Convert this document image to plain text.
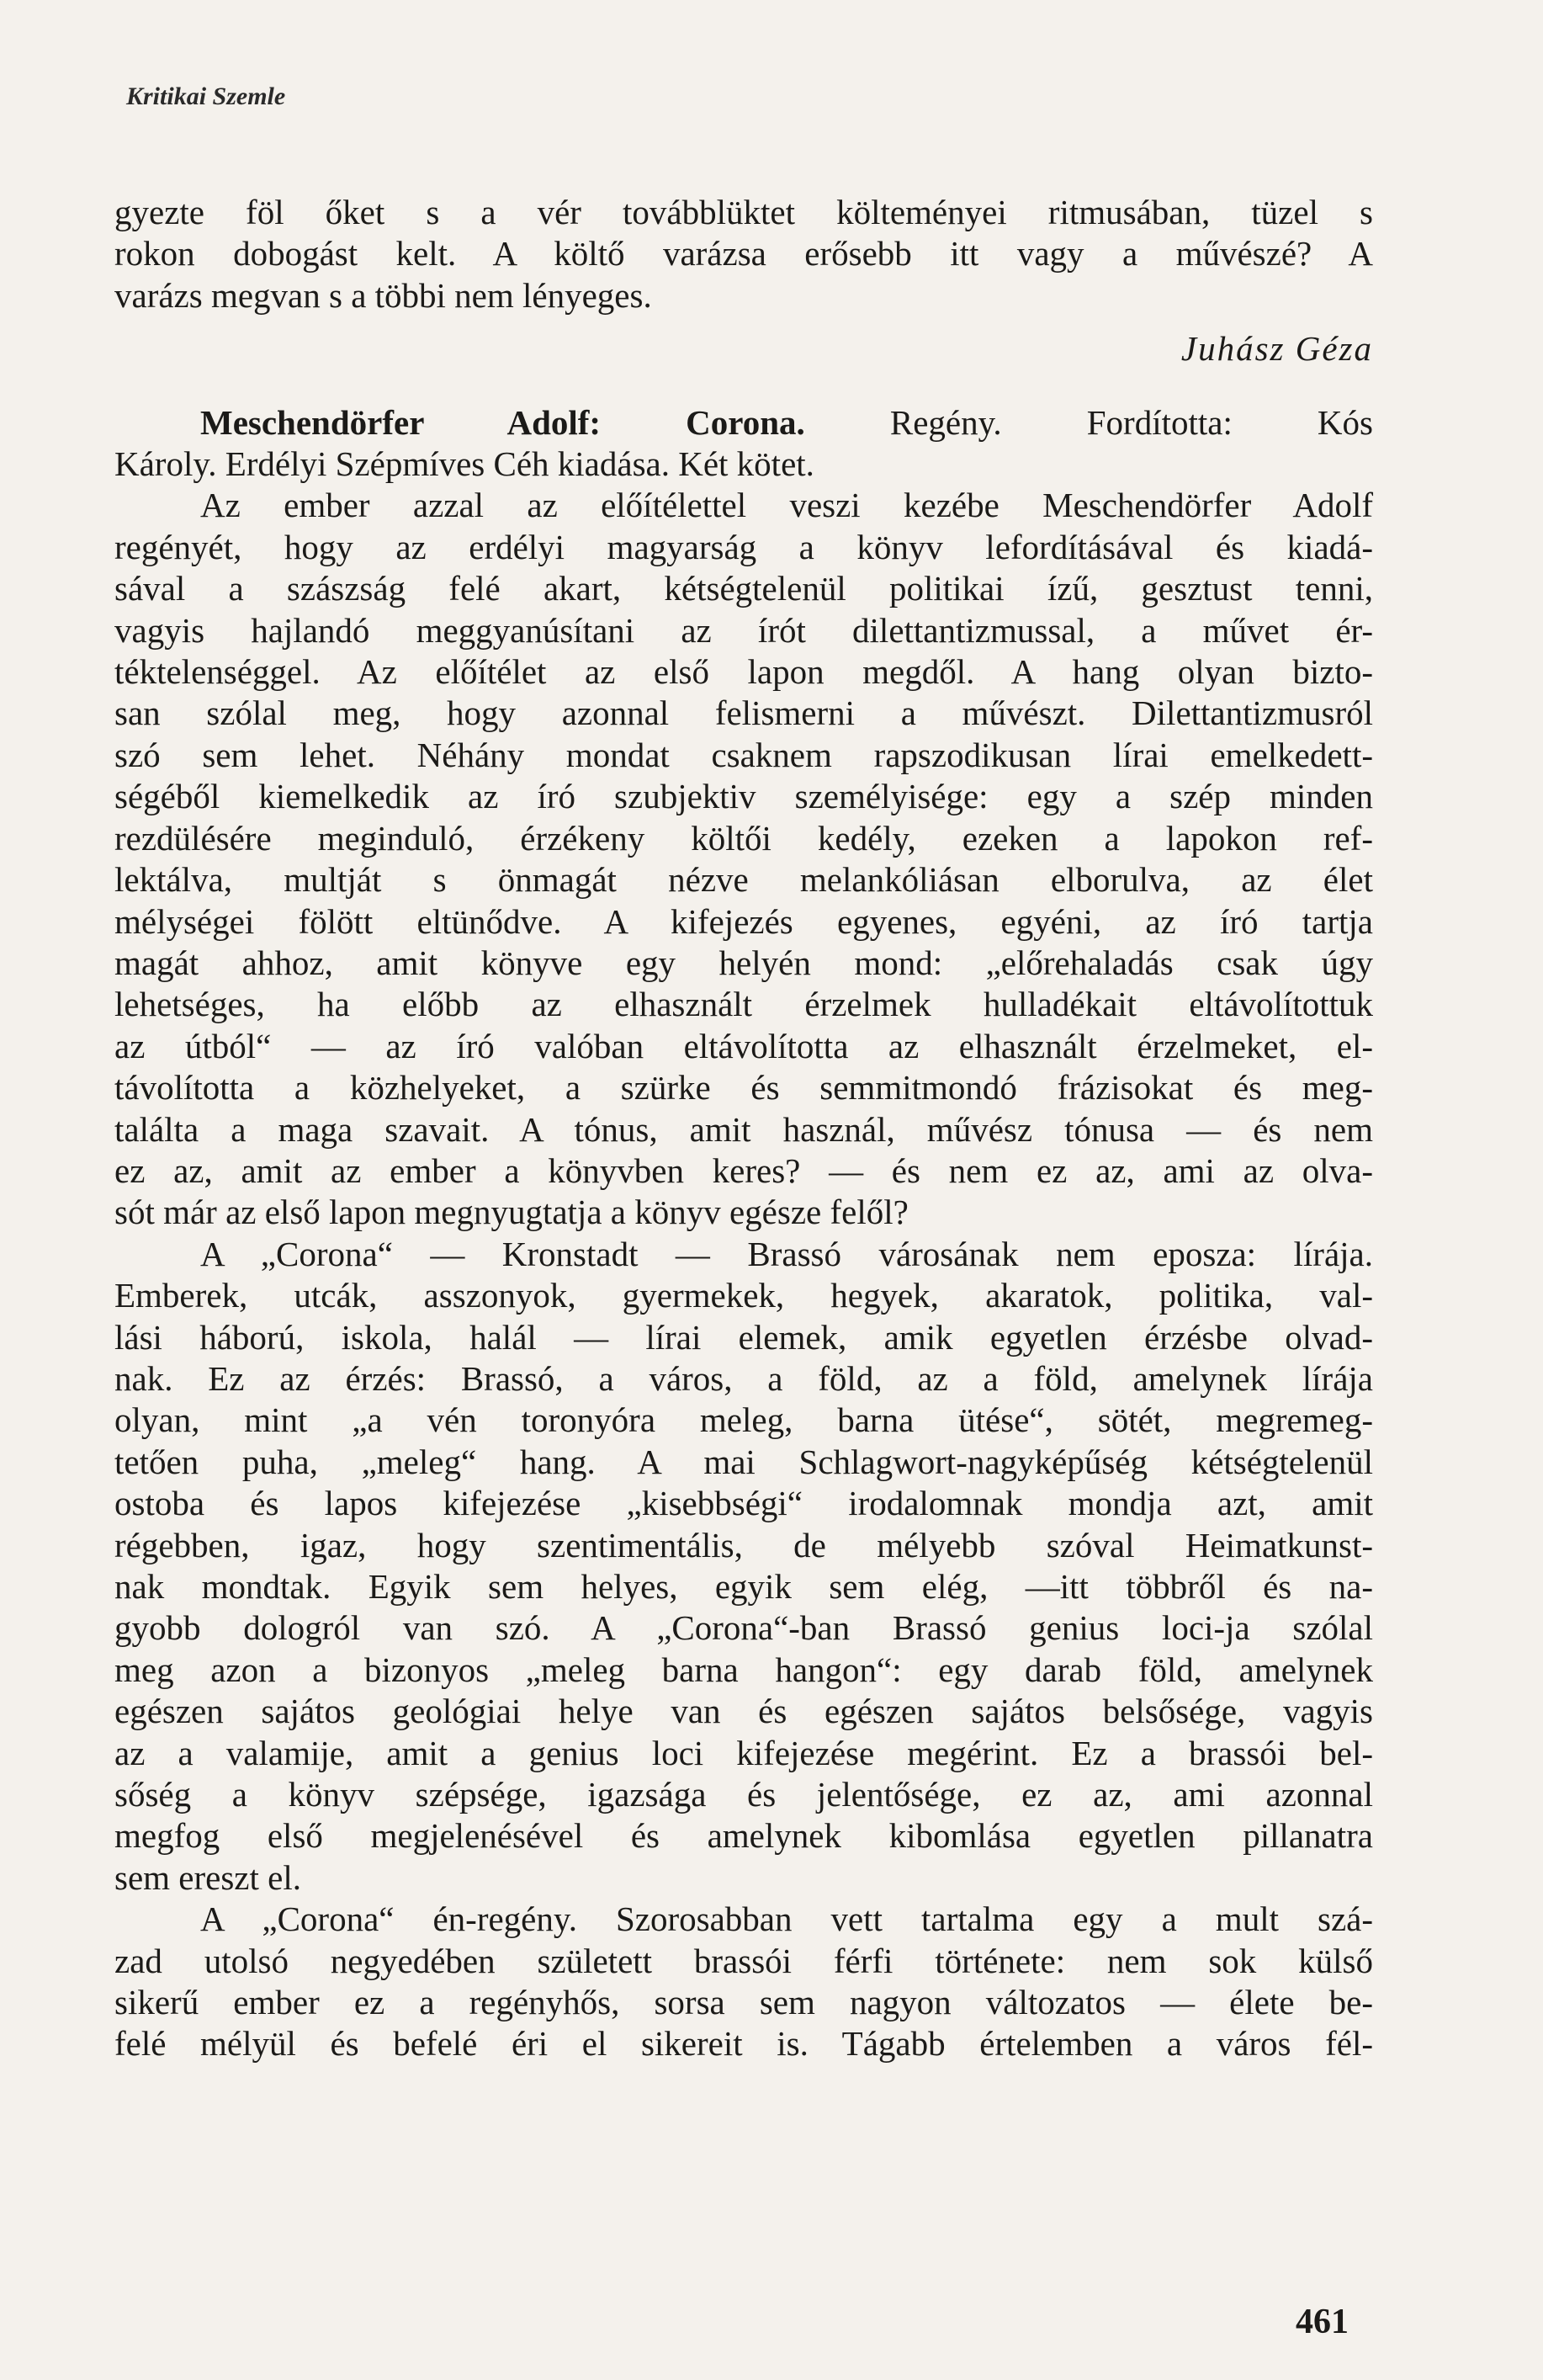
Kritikai Szemle
gyezte föl őket s a vér továbblüktet költeményei ritmusában, tüzel s
rokon dobogást kelt. A költő varázsa erősebb itt vagy a művészé? A
varázs megvan s a többi nem lényeges.
Juhász Géza
Meschendörfer Adolf: Corona. Regény. Fordította: Kós
Károly. Erdélyi Szépmíves Céh kiadása. Két kötet.
Az ember azzal az előítélettel veszi kezébe Meschendörfer Adolf
regényét, hogy az erdélyi magyarság a könyv lefordításával és kiadá-
sával a szászság felé akart, kétségtelenül politikai ízű, gesztust tenni,
vagyis hajlandó meggyanúsítani az írót dilettantizmussal, a művet ér-
téktelenséggel. Az előítélet az első lapon megdől. A hang olyan bizto-
san szólal meg, hogy azonnal felismerni a művészt. Dilettantizmusról
szó sem lehet. Néhány mondat csaknem rapszodikusan lírai emelkedett-
ségéből kiemelkedik az író szubjektiv személyisége: egy a szép minden
rezdülésére meginduló, érzékeny költői kedély, ezeken a lapokon ref-
lektálva, multját s önmagát nézve melankóliásan elborulva, az élet
mélységei fölött eltünődve. A kifejezés egyenes, egyéni, az író tartja
magát ahhoz, amit könyve egy helyén mond: „előrehaladás csak úgy
lehetséges, ha előbb az elhasznált érzelmek hulladékait eltávolítottuk
az útból“ — az író valóban eltávolította az elhasznált érzelmeket, el-
távolította a közhelyeket, a szürke és semmitmondó frázisokat és meg-
találta a maga szavait. A tónus, amit használ, művész tónusa — és nem
ez az, amit az ember a könyvben keres? — és nem ez az, ami az olva-
sót már az első lapon megnyugtatja a könyv egésze felől?
A „Corona“ — Kronstadt — Brassó városának nem eposza: lírája.
Emberek, utcák, asszonyok, gyermekek, hegyek, akaratok, politika, val-
lási háború, iskola, halál — lírai elemek, amik egyetlen érzésbe olvad-
nak. Ez az érzés: Brassó, a város, a föld, az a föld, amelynek lírája
olyan, mint „a vén toronyóra meleg, barna ütése“, sötét, megremeg-
tetően puha, „meleg“ hang. A mai Schlagwort-nagyképűség kétségtelenül
ostoba és lapos kifejezése „kisebbségi“ irodalomnak mondja azt, amit
régebben, igaz, hogy szentimentális, de mélyebb szóval Heimatkunst-
nak mondtak. Egyik sem helyes, egyik sem elég, —itt többről és na-
gyobb dologról van szó. A „Corona“-ban Brassó genius loci-ja szólal
meg azon a bizonyos „meleg barna hangon“: egy darab föld, amelynek
egészen sajátos geológiai helye van és egészen sajátos belsősége, vagyis
az a valamije, amit a genius loci kifejezése megérint. Ez a brassói bel-
sőség a könyv szépsége, igazsága és jelentősége, ez az, ami azonnal
megfog első megjelenésével és amelynek kibomlása egyetlen pillanatra
sem ereszt el.
A „Corona“ én-regény. Szorosabban vett tartalma egy a mult szá-
zad utolsó negyedében született brassói férfi története: nem sok külső
sikerű ember ez a regényhős, sorsa sem nagyon változatos — élete be-
felé mélyül és befelé éri el sikereit is. Tágabb értelemben a város fél-
461
